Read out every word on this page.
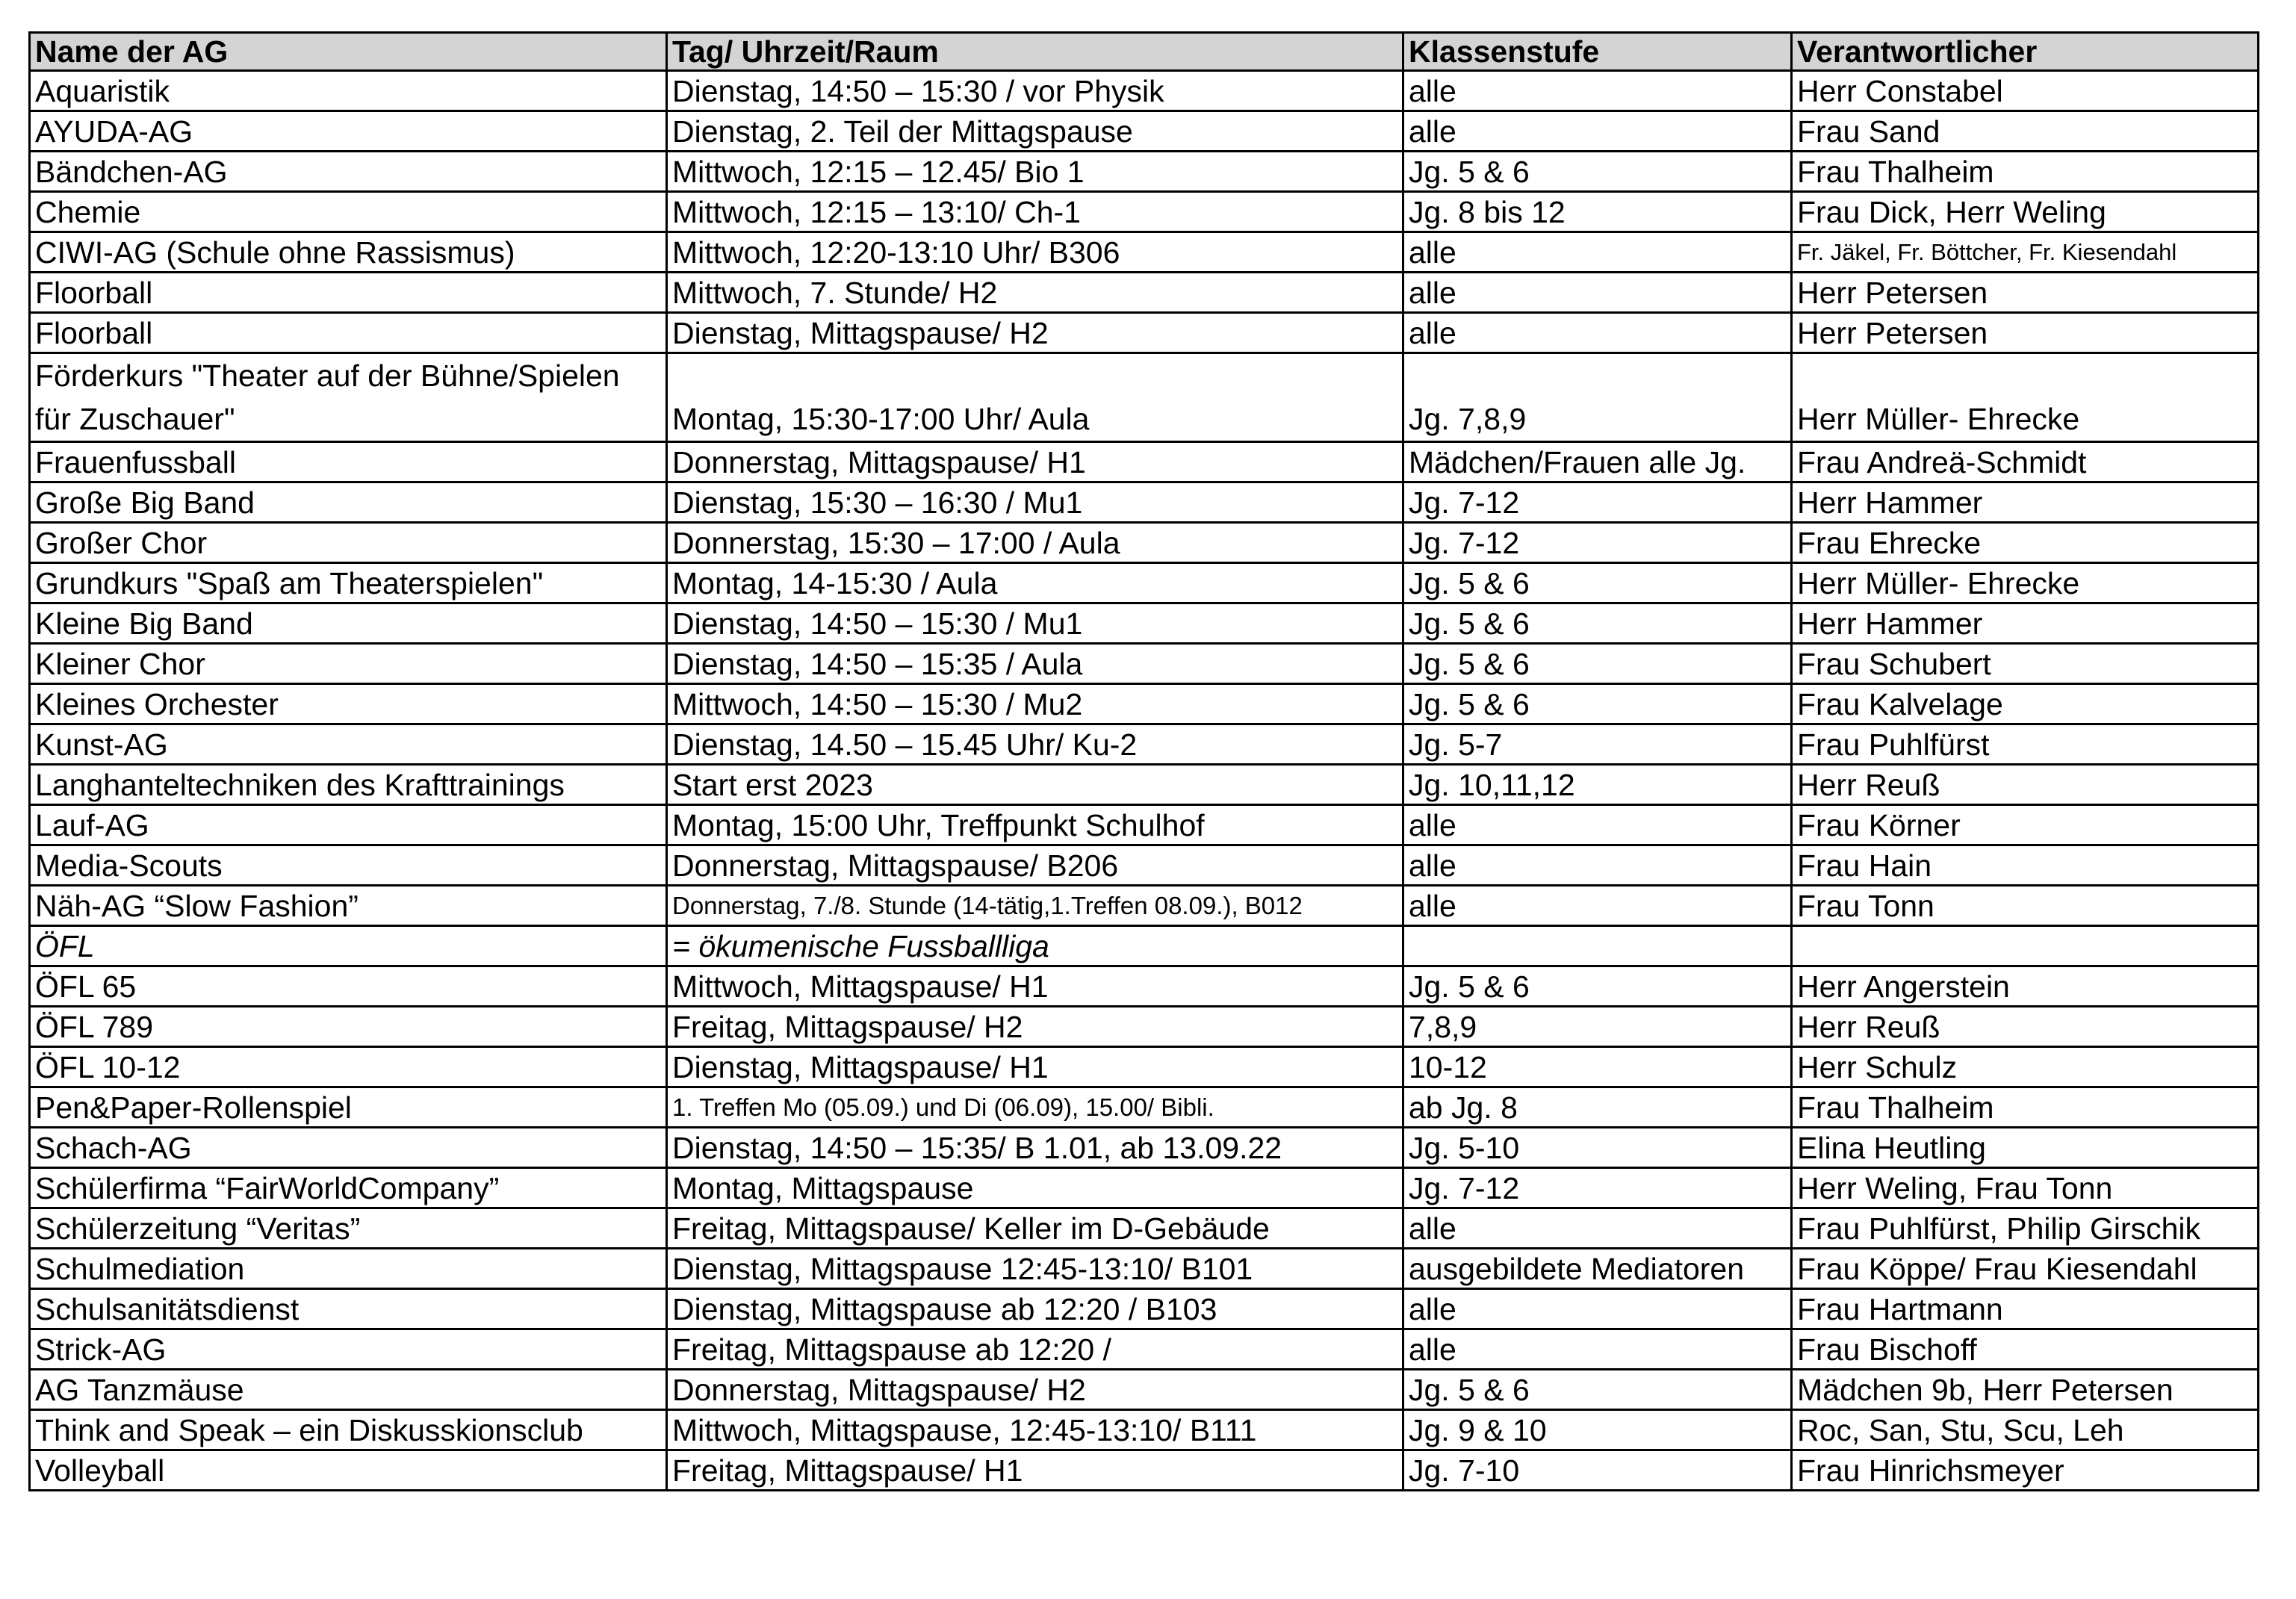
Name der AG	Tag/ Uhrzeit/Raum	Klassenstufe	Verantwortlicher
Aquaristik	Dienstag, 14:50 – 15:30 / vor Physik	alle	Herr Constabel
AYUDA-AG	Dienstag, 2. Teil der Mittagspause	alle	Frau Sand
Bändchen-AG	Mittwoch, 12:15 – 12.45/ Bio 1	Jg. 5 & 6	Frau Thalheim
Chemie	Mittwoch, 12:15 – 13:10/ Ch-1	Jg. 8 bis 12	Frau Dick, Herr Weling
CIWI-AG (Schule ohne Rassismus)	Mittwoch, 12:20-13:10 Uhr/ B306	alle	Fr. Jäkel, Fr. Böttcher, Fr. Kiesendahl
Floorball	Mittwoch, 7. Stunde/ H2	alle	Herr Petersen
Floorball	Dienstag, Mittagspause/ H2	alle	Herr Petersen
Förderkurs "Theater auf der Bühne/Spielen für Zuschauer"	Montag, 15:30-17:00 Uhr/ Aula	Jg. 7,8,9	Herr Müller- Ehrecke
Frauenfussball	Donnerstag, Mittagspause/ H1	Mädchen/Frauen alle Jg.	Frau Andreä-Schmidt
Große Big Band	Dienstag, 15:30 – 16:30 / Mu1	Jg. 7-12	Herr Hammer
Großer Chor	Donnerstag, 15:30 – 17:00 / Aula	Jg. 7-12	Frau Ehrecke
Grundkurs "Spaß am Theaterspielen"	Montag, 14-15:30 / Aula	Jg. 5 & 6	Herr Müller- Ehrecke
Kleine Big Band	Dienstag, 14:50 – 15:30 / Mu1	Jg. 5 & 6	Herr Hammer
Kleiner Chor	Dienstag, 14:50 – 15:35 / Aula	Jg. 5 & 6	Frau Schubert
Kleines Orchester	Mittwoch, 14:50 – 15:30 / Mu2	Jg. 5 & 6	Frau Kalvelage
Kunst-AG	Dienstag, 14.50 – 15.45 Uhr/ Ku-2	Jg. 5-7	Frau Puhlfürst
Langhanteltechniken des Krafttrainings	Start erst 2023	Jg. 10,11,12	Herr Reuß
Lauf-AG	Montag, 15:00 Uhr, Treffpunkt Schulhof	alle	Frau Körner
Media-Scouts	Donnerstag, Mittagspause/ B206	alle	Frau Hain
Näh-AG “Slow Fashion”	Donnerstag, 7./8. Stunde (14-tätig,1.Treffen 08.09.), B012	alle	Frau Tonn
ÖFL	= ökumenische Fussballliga		
ÖFL 65	Mittwoch, Mittagspause/ H1	Jg. 5 & 6	Herr Angerstein
ÖFL 789	Freitag, Mittagspause/ H2	7,8,9	Herr Reuß
ÖFL 10-12	Dienstag, Mittagspause/ H1	10-12	Herr Schulz
Pen&Paper-Rollenspiel	1. Treffen Mo (05.09.) und Di (06.09), 15.00/ Bibli.	ab Jg. 8	Frau Thalheim
Schach-AG	Dienstag, 14:50 – 15:35/ B 1.01, ab 13.09.22	Jg. 5-10	Elina Heutling
Schülerfirma “FairWorldCompany”	Montag, Mittagspause	Jg. 7-12	Herr Weling, Frau Tonn
Schülerzeitung “Veritas”	Freitag, Mittagspause/ Keller im D-Gebäude	alle	Frau Puhlfürst, Philip Girschik
Schulmediation	Dienstag, Mittagspause 12:45-13:10/ B101	ausgebildete Mediatoren	Frau Köppe/ Frau Kiesendahl
Schulsanitätsdienst	Dienstag, Mittagspause ab 12:20 / B103	alle	Frau Hartmann
Strick-AG	Freitag, Mittagspause ab 12:20 /	alle	Frau Bischoff
AG Tanzmäuse	Donnerstag, Mittagspause/ H2	Jg. 5 & 6	Mädchen 9b, Herr Petersen
Think and Speak – ein Diskusskionsclub	Mittwoch, Mittagspause, 12:45-13:10/ B111	Jg. 9 & 10	Roc, San, Stu, Scu, Leh
Volleyball	Freitag, Mittagspause/ H1	Jg. 7-10	Frau Hinrichsmeyer
